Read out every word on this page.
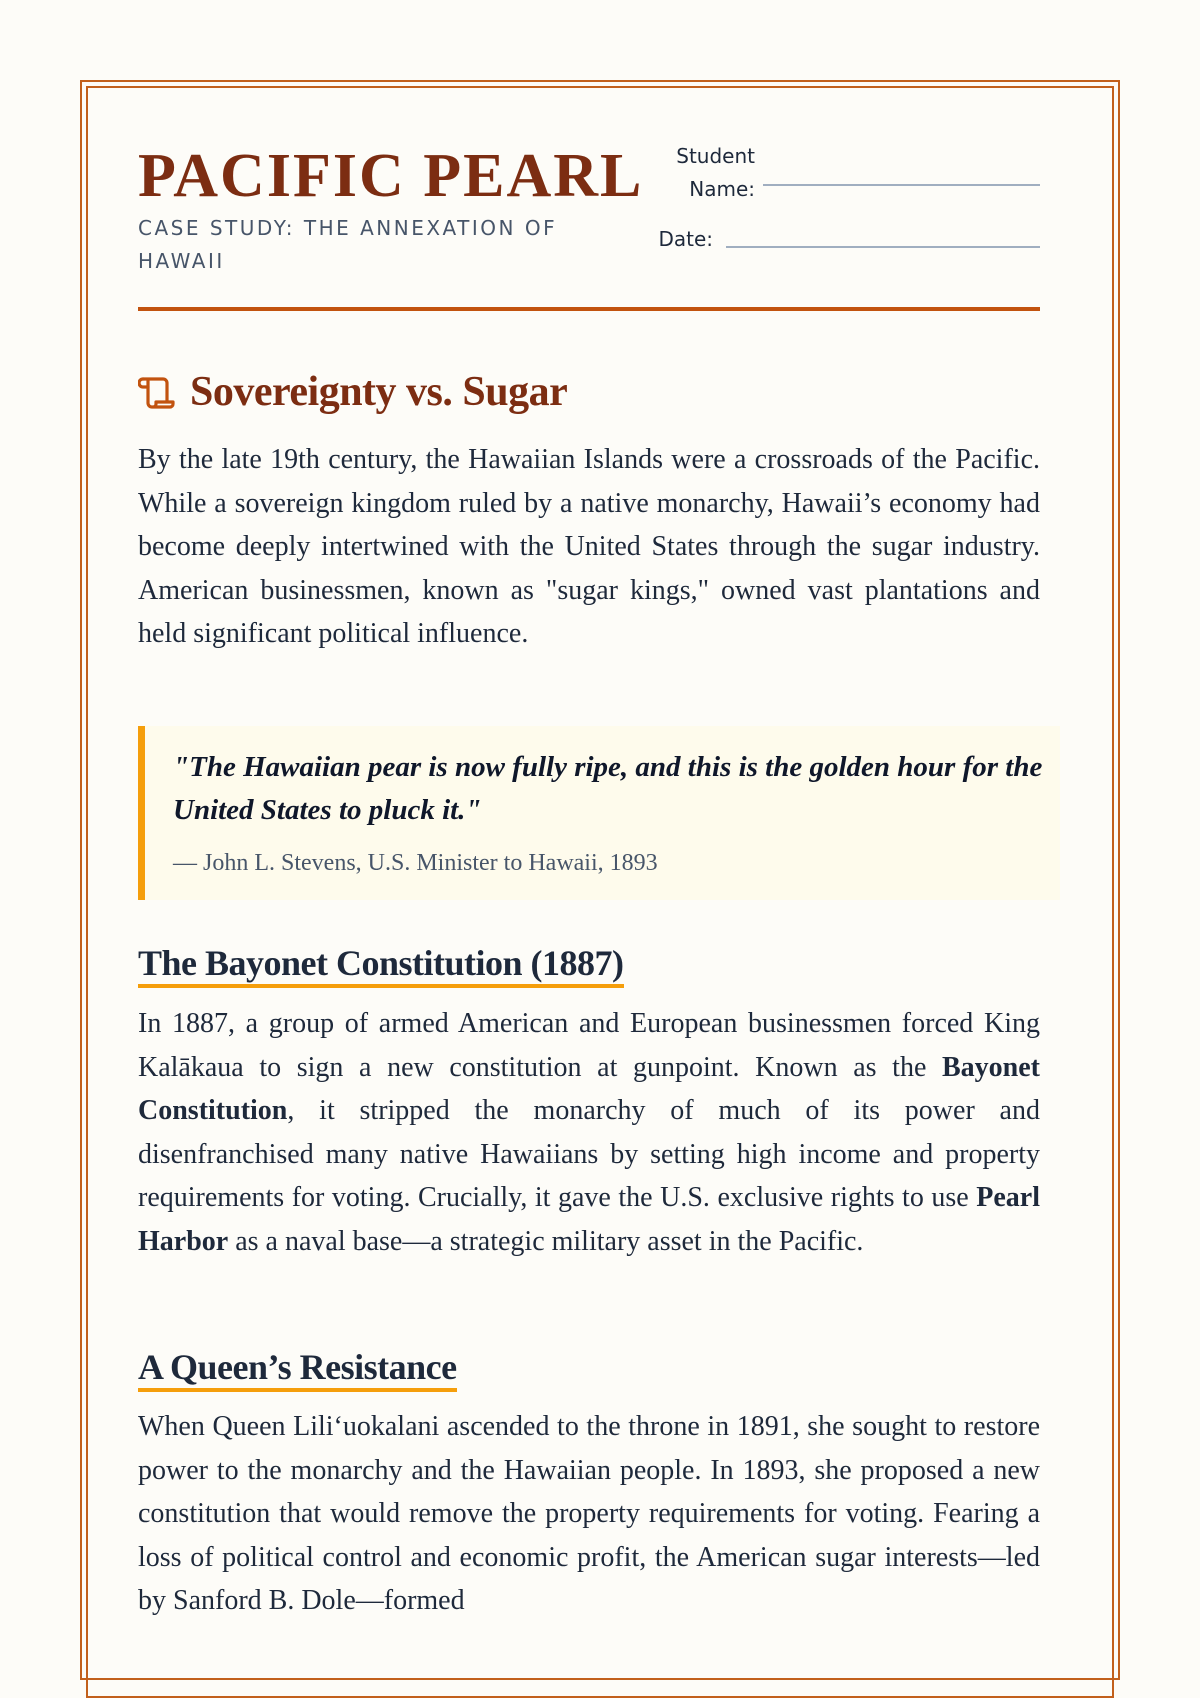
PACIFIC PEARL
CASE STUDY: THE ANNEXATION OF HAWAII
Student Name:
Date:
Sovereignty vs. Sugar

By the late 19th century, the Hawaiian Islands were a crossroads of the Pacific. While a sovereign kingdom ruled by a native monarchy, Hawaii’s economy had become deeply intertwined with the United States through the sugar industry. American businessmen, known as "sugar kings," owned vast plantations and held significant political influence.

"The Hawaiian pear is now fully ripe, and this is the golden hour for the United States to pluck it."
— John L. Stevens, U.S. Minister to Hawaii, 1893
The Bayonet Constitution (1887)

In 1887, a group of armed American and European businessmen forced King Kalākaua to sign a new constitution at gunpoint. Known as the Bayonet Constitution, it stripped the monarchy of much of its power and disenfranchised many native Hawaiians by setting high income and property requirements for voting. Crucially, it gave the U.S. exclusive rights to use Pearl Harbor as a naval base—a strategic military asset in the Pacific.

A Queen’s Resistance

When Queen Lili‘uokalani ascended to the throne in 1891, she sought to restore power to the monarchy and the Hawaiian people. In 1893, she proposed a new constitution that would remove the property requirements for voting. Fearing a loss of political control and economic profit, the American sugar interests—led by Sanford B. Dole—formed
